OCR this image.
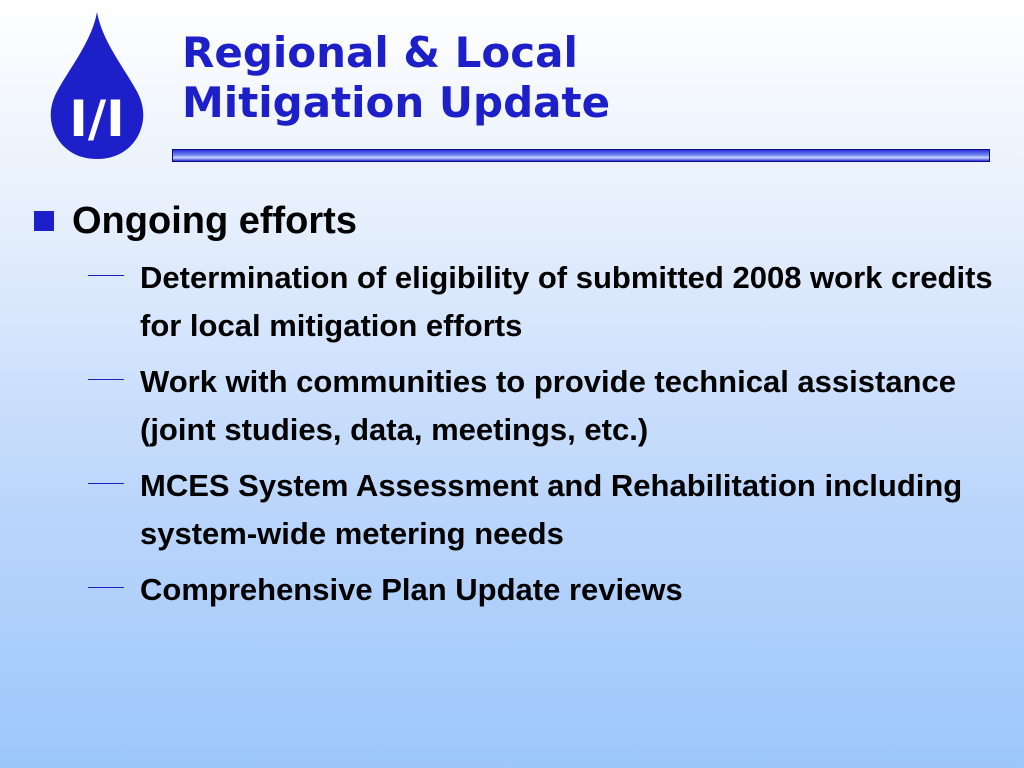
I/I
Regional & Local
Mitigation Update
Ongoing efforts
Determination of eligibility of submitted 2008 work credits for local mitigation efforts
Work with communities to provide technical assistance (joint studies, data, meetings, etc.)
MCES System Assessment and Rehabilitation including system-wide metering needs
Comprehensive Plan Update reviews
